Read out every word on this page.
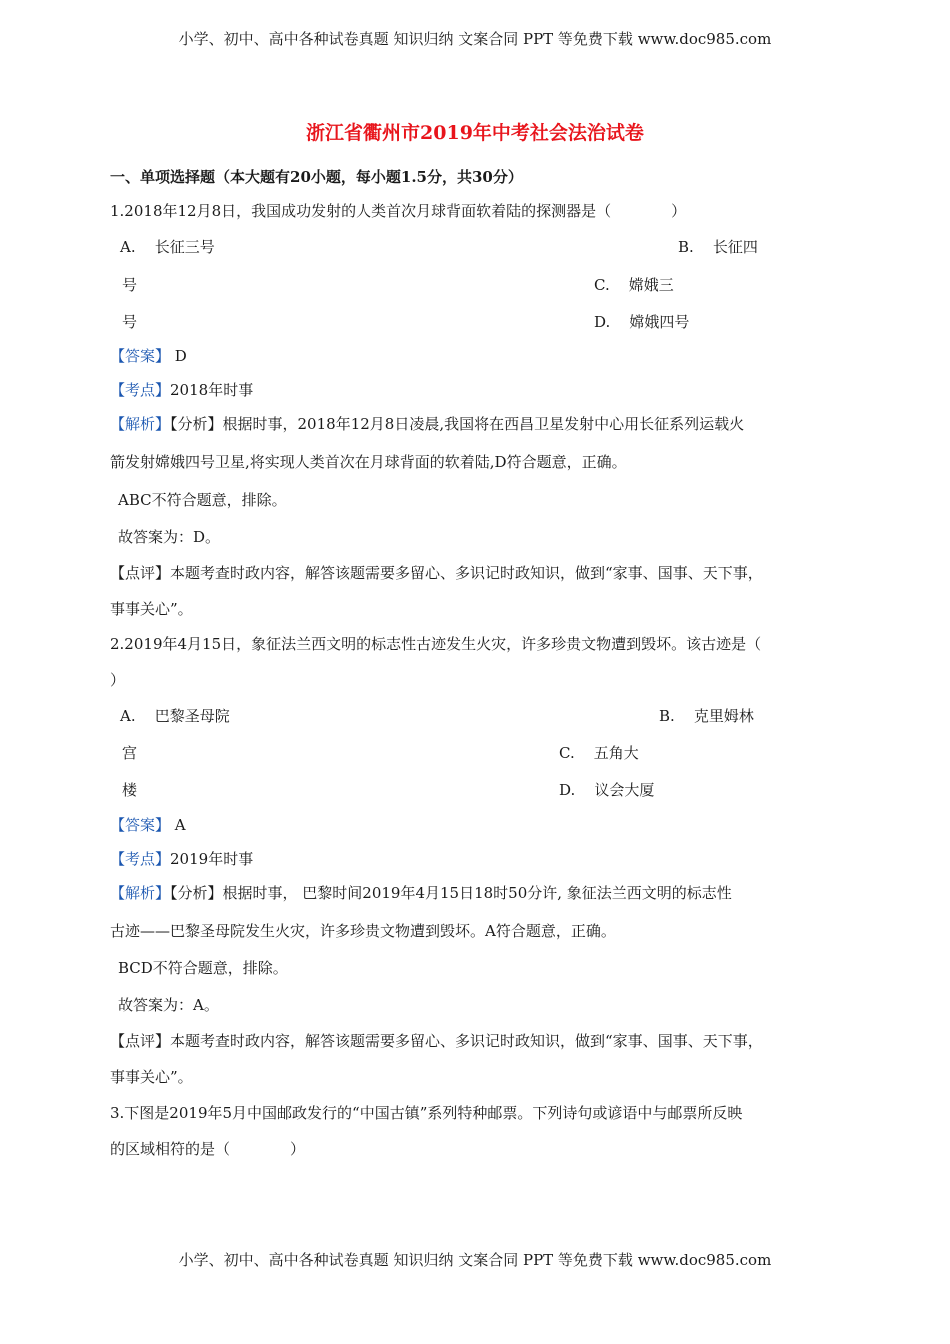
小学、初中、高中各种试卷真题 知识归纳 文案合同 PPT 等免费下载 www.doc985.com
浙江省衢州市2019年中考社会法治试卷
一、单项选择题（本大题有20小题，每小题1.5分，共30分）
1.2018年12月8日，我国成功发射的人类首次月球背面软着陆的探测器是（　　　　）
A. 长征三号	B. 长征四
号	C. 嫦娥三
号	D. 嫦娥四号
【答案】 D
【考点】2018年时事
【解析】【分析】根据时事，2018年12月8日凌晨,我国将在西昌卫星发射中心用长征系列运载火
箭发射嫦娥四号卫星,将实现人类首次在月球背面的软着陆,D符合题意，正确。
ABC不符合题意，排除。
故答案为：D。
【点评】本题考查时政内容，解答该题需要多留心、多识记时政知识，做到“家事、国事、天下事，
事事关心”。
2.2019年4月15日，象征法兰西文明的标志性古迹发生火灾，许多珍贵文物遭到毁坏。该古迹是（
）
A. 巴黎圣母院	B. 克里姆林
宫	C. 五角大
楼	D. 议会大厦
【答案】 A
【考点】2019年时事
【解析】【分析】根据时事， 巴黎时间2019年4月15日18时50分许, 象征法兰西文明的标志性
古迹——巴黎圣母院发生火灾，许多珍贵文物遭到毁坏。A符合题意，正确。
BCD不符合题意，排除。
故答案为：A。
【点评】本题考查时政内容，解答该题需要多留心、多识记时政知识，做到“家事、国事、天下事，
事事关心”。
3.下图是2019年5月中国邮政发行的“中国古镇”系列特种邮票。下列诗句或谚语中与邮票所反映
的区域相符的是（　　　　）
小学、初中、高中各种试卷真题 知识归纳 文案合同 PPT 等免费下载 www.doc985.com
